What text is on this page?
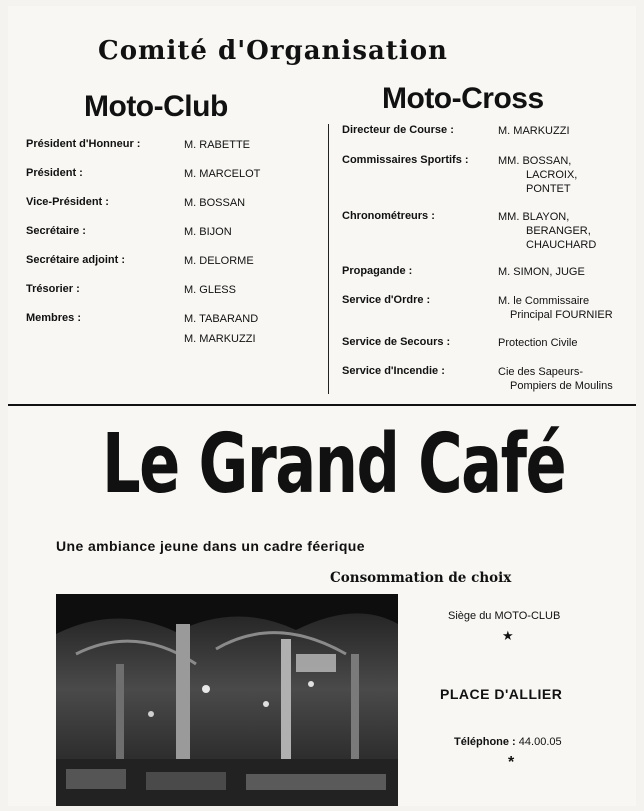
Comité d'Organisation
Moto-Club
Président d'Honneur :	M. RABETTE
Président :	M. MARCELOT
Vice-Président :	M. BOSSAN
Secrétaire :	M. BIJON
Secrétaire adjoint :	M. DELORME
Trésorier :	M. GLESS
Membres :	M. TABARAND
M. MARKUZZI
Moto-Cross
Directeur de Course :	M. MARKUZZI
Commissaires Sportifs :	MM. BOSSAN,
LACROIX,
PONTET
Chronométreurs :	MM. BLAYON,
BERANGER,
CHAUCHARD
Propagande :	M. SIMON, JUGE
Service d'Ordre :	M. le Commissaire
Principal FOURNIER
Service de Secours :	Protection Civile
Service d'Incendie :	Cie des Sapeurs-
Pompiers de Moulins
Le Grand Café
Une ambiance jeune dans un cadre féerique
Consommation de choix
Siège du MOTO-CLUB
★
PLACE D'ALLIER
Téléphone : 44.00.05
*
